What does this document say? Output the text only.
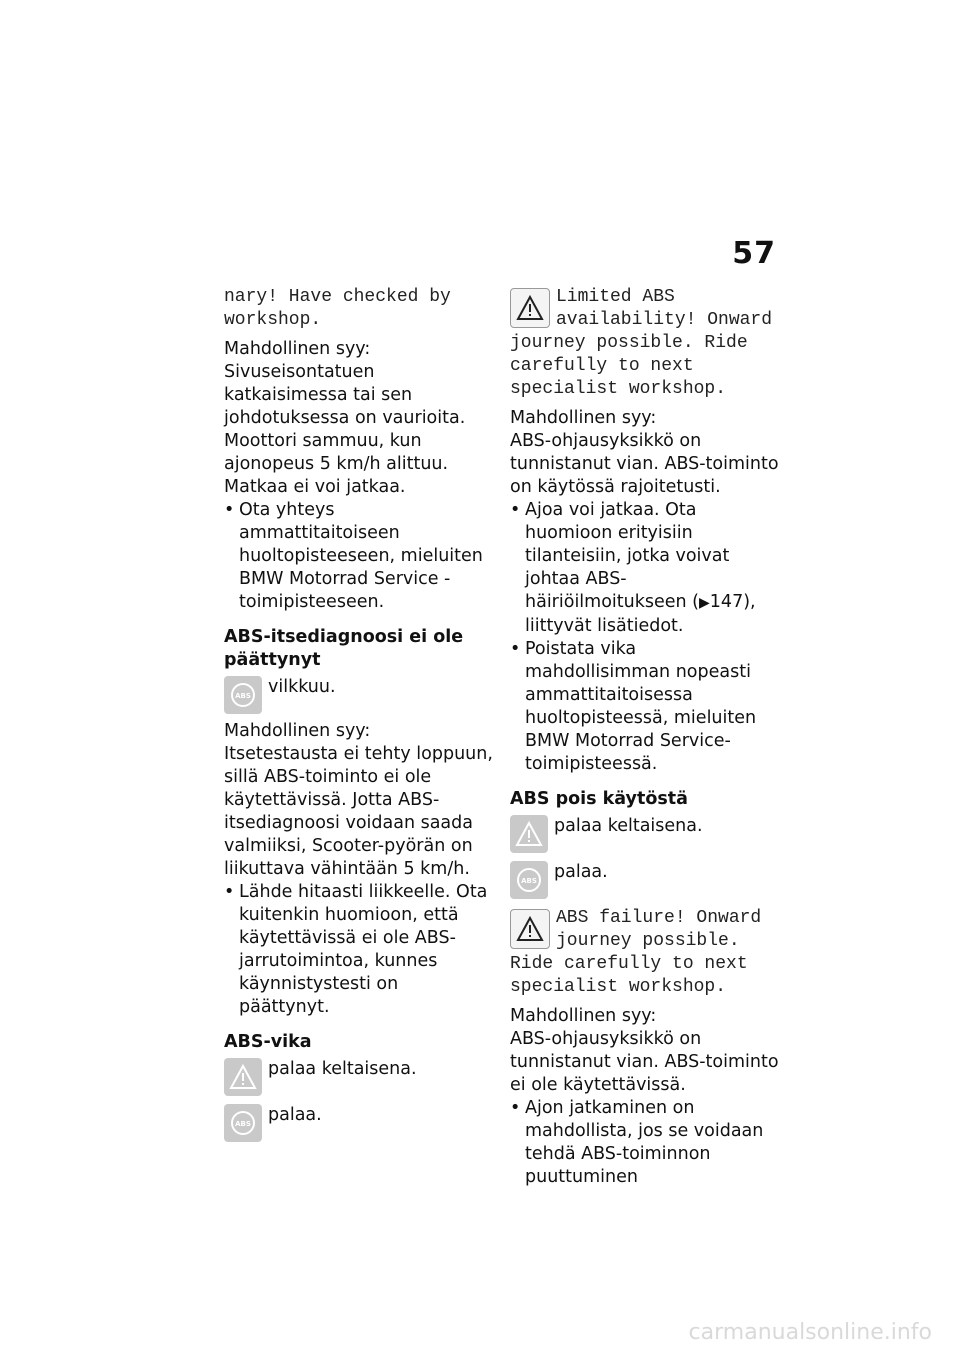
57

nary! Have checked by workshop.

Mahdollinen syy:

Sivuseisontatuen katkaisimessa tai sen johdotuksessa on vaurioita. Moottori sammuu, kun ajonopeus 5 km/h alittuu. Matkaa ei voi jatkaa.

• Ota yhteys ammattitaitoiseen huoltopisteeseen, mieluiten BMW Motorrad Service -toimipisteeseen.

ABS-itsediagnoosi ei ole päättynyt

ABS vilkkuu.

Mahdollinen syy:

Itsetestausta ei tehty loppuun, sillä ABS-toiminto ei ole käytettävissä. Jotta ABS-itsediagnoosi voidaan saada valmiiksi, Scooter-pyörän on liikuttava vähintään 5 km/h.

• Lähde hitaasti liikkeelle. Ota kuitenkin huomioon, että käytettävissä ei ole ABS-jarrutoimintoa, kunnes käynnistystesti on päättynyt.

ABS-vika

palaa keltaisena.
ABS palaa.

Limited ABS availability! Onward journey possible. Ride carefully to next specialist workshop.

Mahdollinen syy:

ABS-ohjausyksikkö on tunnistanut vian. ABS-toiminto on käytössä rajoitetusti.

• Ajoa voi jatkaa. Ota huomioon erityisiin tilanteisiin, jotka voivat johtaa ABS-häiriöilmoitukseen (▶147), liittyvät lisätiedot.
• Poistata vika mahdollisimman nopeasti ammattitaitoisessa huoltopisteessä, mieluiten BMW Motorrad Service-toimipisteessä.

ABS pois käytöstä

palaa keltaisena.
ABS palaa.

ABS failure! Onward journey possible. Ride carefully to next specialist workshop.

Mahdollinen syy:

ABS-ohjausyksikkö on tunnistanut vian. ABS-toiminto ei ole käytettävissä.

• Ajon jatkaminen on mahdollista, jos se voidaan tehdä ABS-toiminnon puuttuminen
carmanualsonline.info
